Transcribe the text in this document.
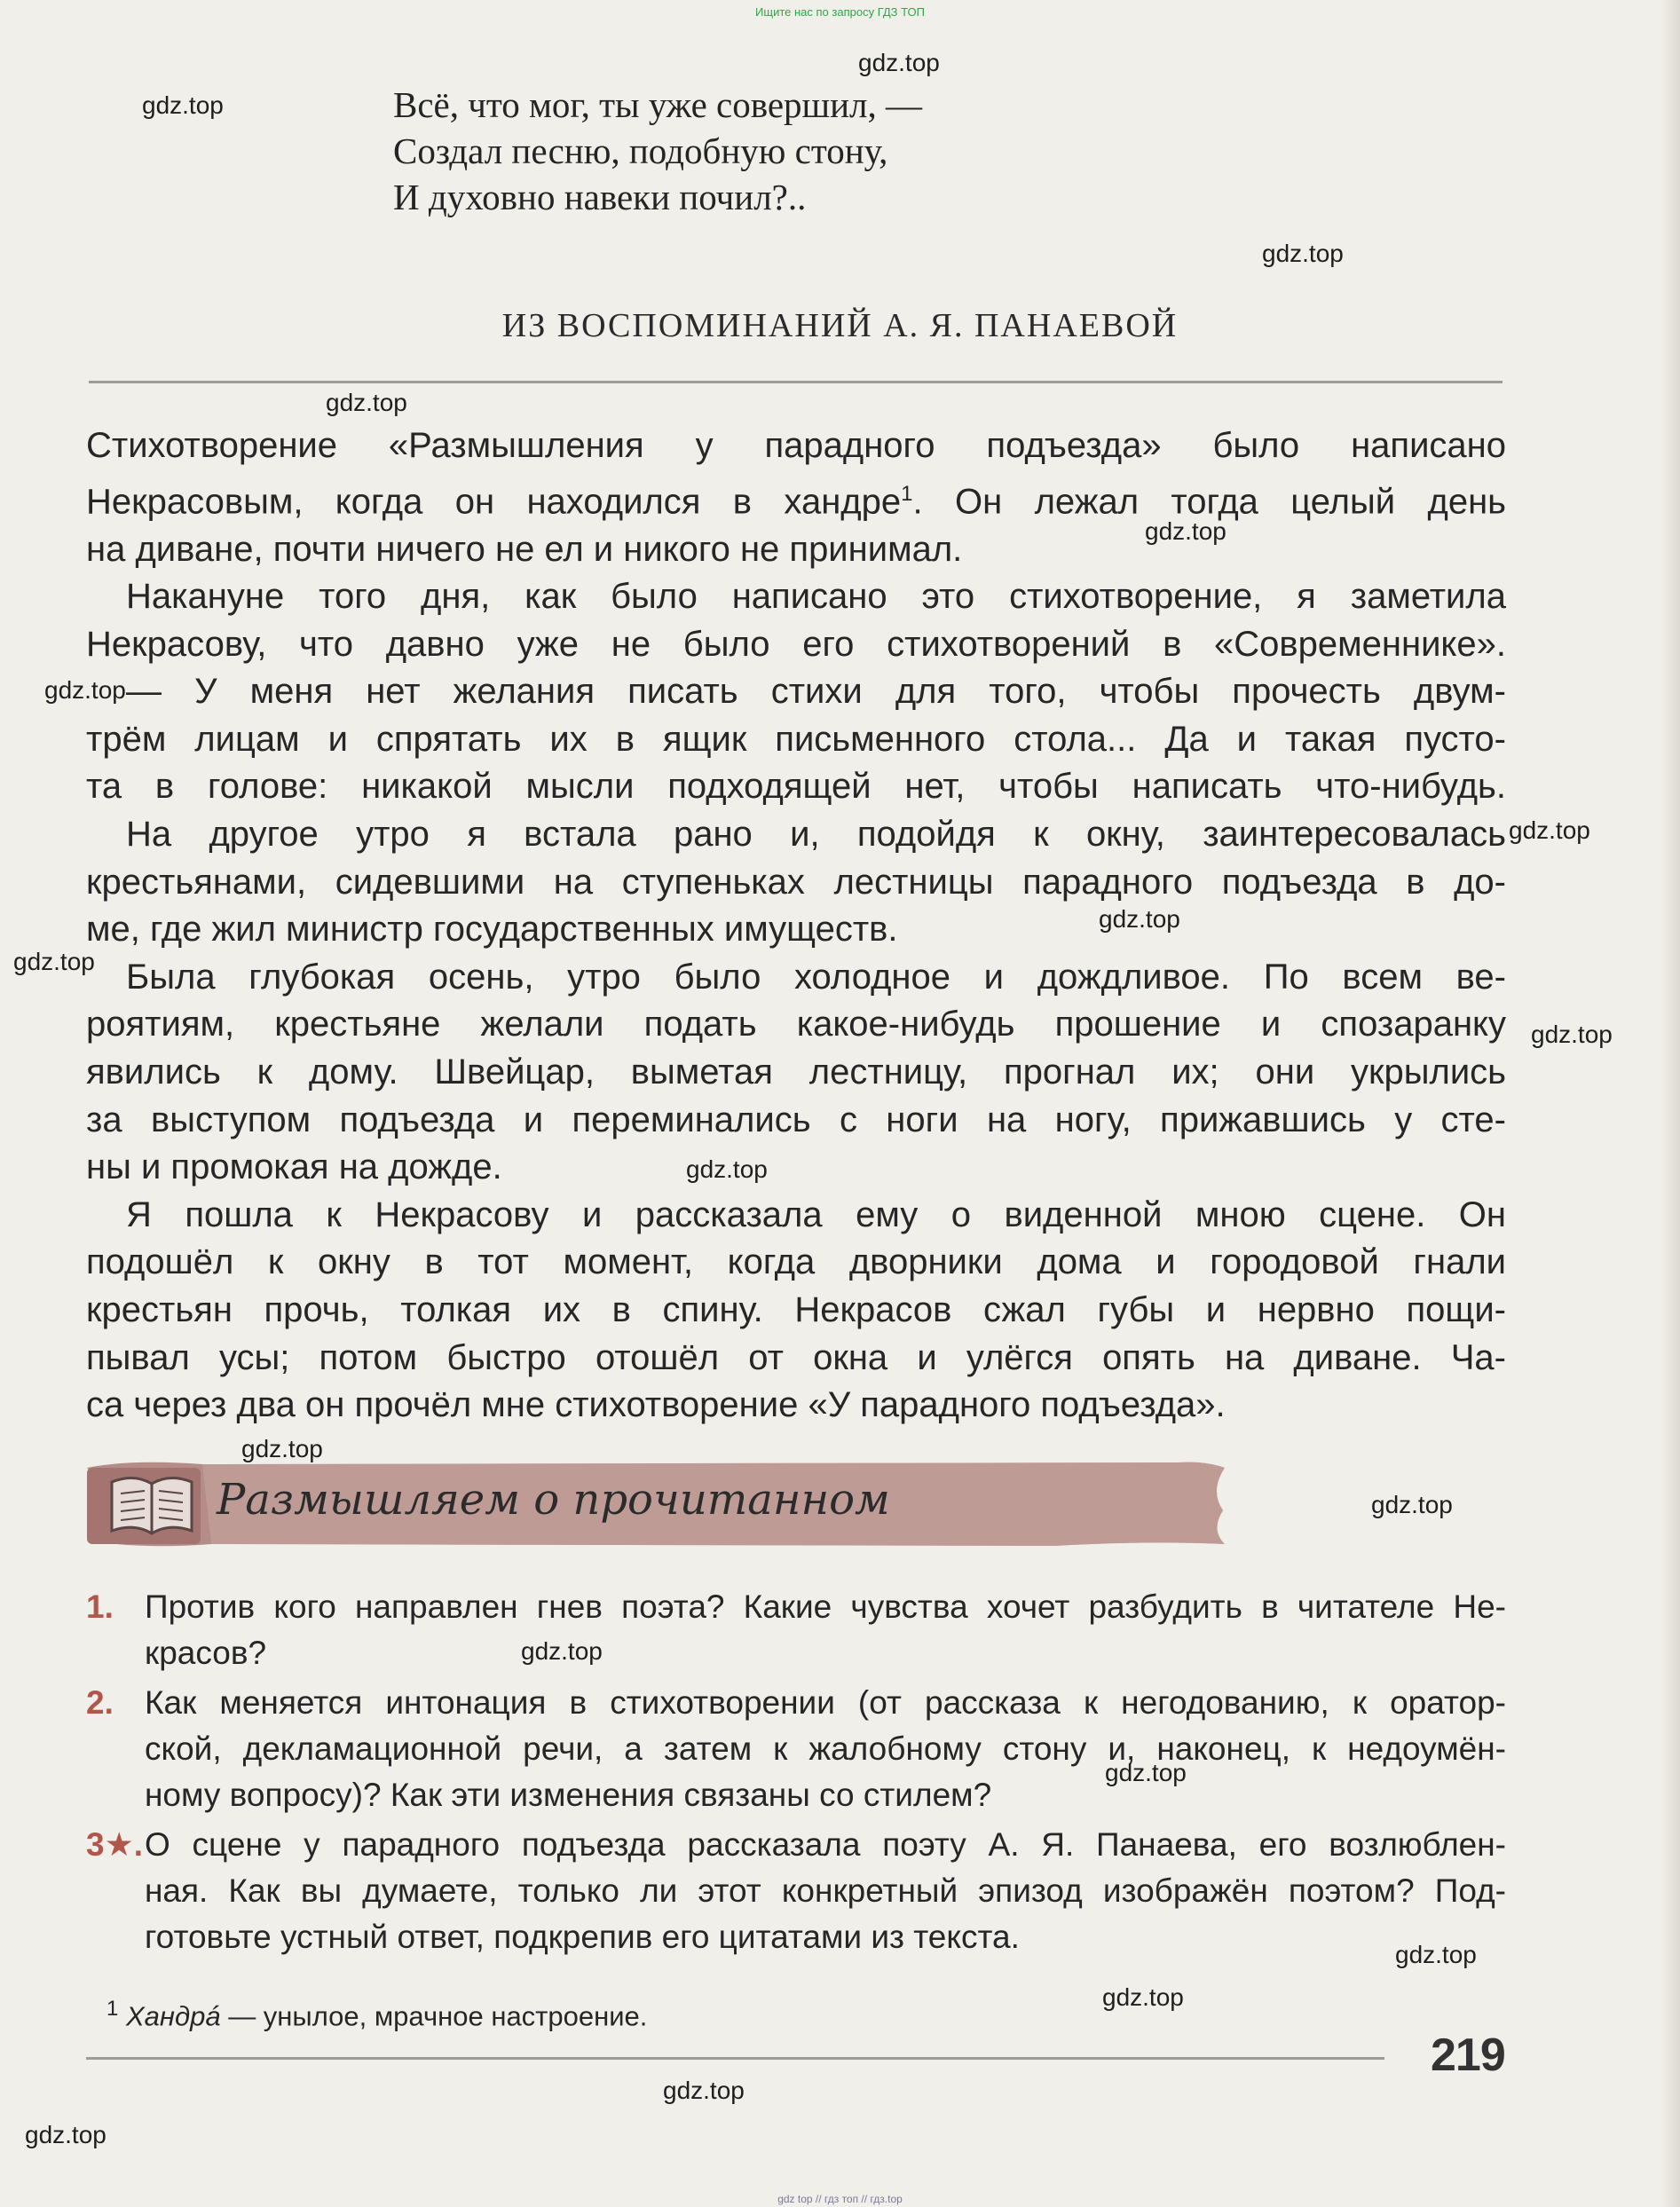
Ищите нас по запросу ГДЗ ТОП
gdz.top
gdz.top
gdz.top
gdz.top
gdz.top
gdz.top
gdz.top
gdz.top
gdz.top
gdz.top
gdz.top
gdz.top
gdz.top
gdz.top
gdz.top
gdz.top
gdz.top
gdz.top
gdz.top
Всё, что мог, ты уже совершил, —
Создал песню, подобную стону,
И духовно навеки почил?..
ИЗ ВОСПОМИНАНИЙ А. Я. ПАНАЕВОЙ
Стихотворение «Размышления у парадного подъезда» было написано
Некрасовым, когда он находился в хандре$^1$. Он лежал тогда целый день
на диване, почти ничего не ел и никого не принимал.
Накануне того дня, как было написано это стихотворение, я заметила
Некрасову, что давно уже не было его стихотворений в «Современнике».
— У меня нет желания писать стихи для того, чтобы прочесть двум-
трём лицам и спрятать их в ящик письменного стола... Да и такая пусто-
та в голове: никакой мысли подходящей нет, чтобы написать что-нибудь.
На другое утро я встала рано и, подойдя к окну, заинтересовалась
крестьянами, сидевшими на ступеньках лестницы парадного подъезда в до-
ме, где жил министр государственных имуществ.
Была глубокая осень, утро было холодное и дождливое. По всем ве-
роятиям, крестьяне желали подать какое-нибудь прошение и спозаранку
явились к дому. Швейцар, выметая лестницу, прогнал их; они укрылись
за выступом подъезда и переминались с ноги на ногу, прижавшись у сте-
ны и промокая на дожде.
Я пошла к Некрасову и рассказала ему о виденной мною сцене. Он
подошёл к окну в тот момент, когда дворники дома и городовой гнали
крестьян прочь, толкая их в спину. Некрасов сжал губы и нервно пощи-
пывал усы; потом быстро отошёл от окна и улёгся опять на диване. Ча-
са через два он прочёл мне стихотворение «У парадного подъезда».
Размышляем о прочитанном
1. Против кого направлен гнев поэта? Какие чувства хочет разбудить в читателе Не-
красов?
2. Как меняется интонация в стихотворении (от рассказа к негодованию, к оратор-
ской, декламационной речи, а затем к жалобному стону и, наконец, к недоумён-
ному вопросу)? Как эти изменения связаны со стилем?
3★. О сцене у парадного подъезда рассказала поэту А. Я. Панаева, его возлюблен-
ная. Как вы думаете, только ли этот конкретный эпизод изображён поэтом? Под-
готовьте устный ответ, подкрепив его цитатами из текста.
$^1$ Хандрá — унылое, мрачное настроение.
219
gdz top // гдз топ // гдз.top
